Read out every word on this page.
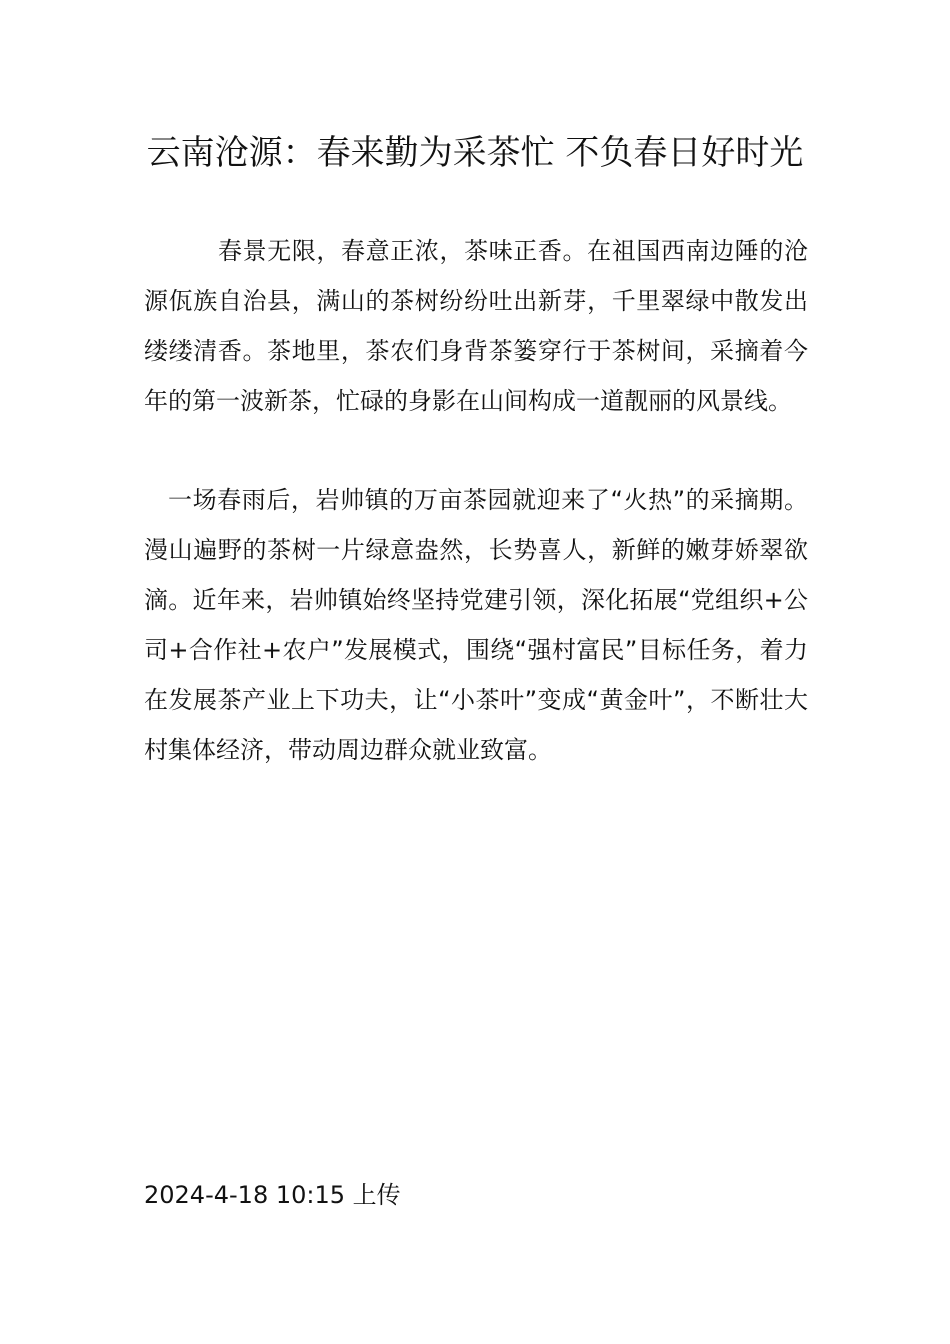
云南沧源：春来勤为采茶忙 不负春日好时光

春景无限，春意正浓，茶味正香。在祖国西南边陲的沧源佤族自治县，满山的茶树纷纷吐出新芽，千里翠绿中散发出缕缕清香。茶地里，茶农们身背茶篓穿行于茶树间，采摘着今年的第一波新茶，忙碌的身影在山间构成一道靓丽的风景线。

一场春雨后，岩帅镇的万亩茶园就迎来了“火热”的采摘期。漫山遍野的茶树一片绿意盎然，长势喜人，新鲜的嫩芽娇翠欲滴。近年来，岩帅镇始终坚持党建引领，深化拓展“党组织+公司+合作社+农户”发展模式，围绕“强村富民”目标任务，着力在发展茶产业上下功夫，让“小茶叶”变成“黄金叶”，不断壮大村集体经济，带动周边群众就业致富。

2024-4-18 10:15 上传
